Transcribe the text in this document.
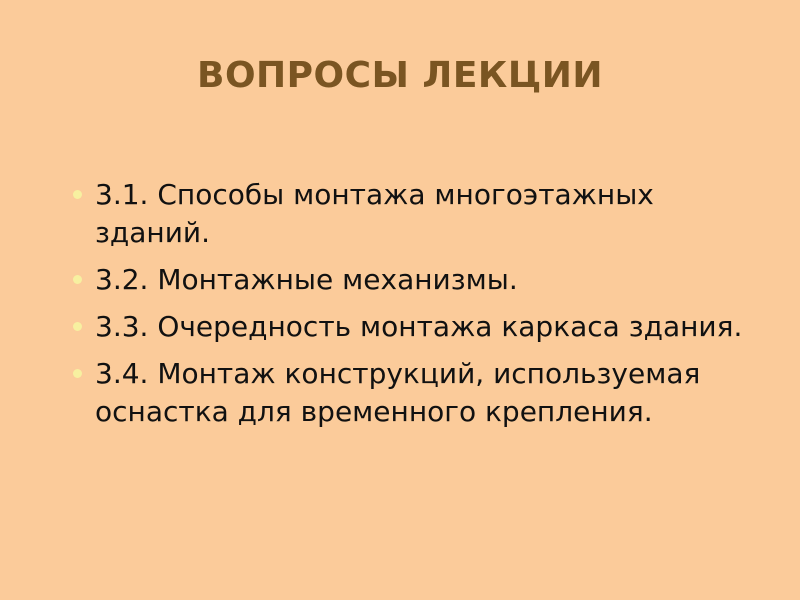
ВОПРОСЫ ЛЕКЦИИ
3.1. Способы монтажа многоэтажных зданий.
3.2. Монтажные механизмы.
3.3. Очередность монтажа каркаса здания.
3.4. Монтаж конструкций, используемая оснастка для временного крепления.
